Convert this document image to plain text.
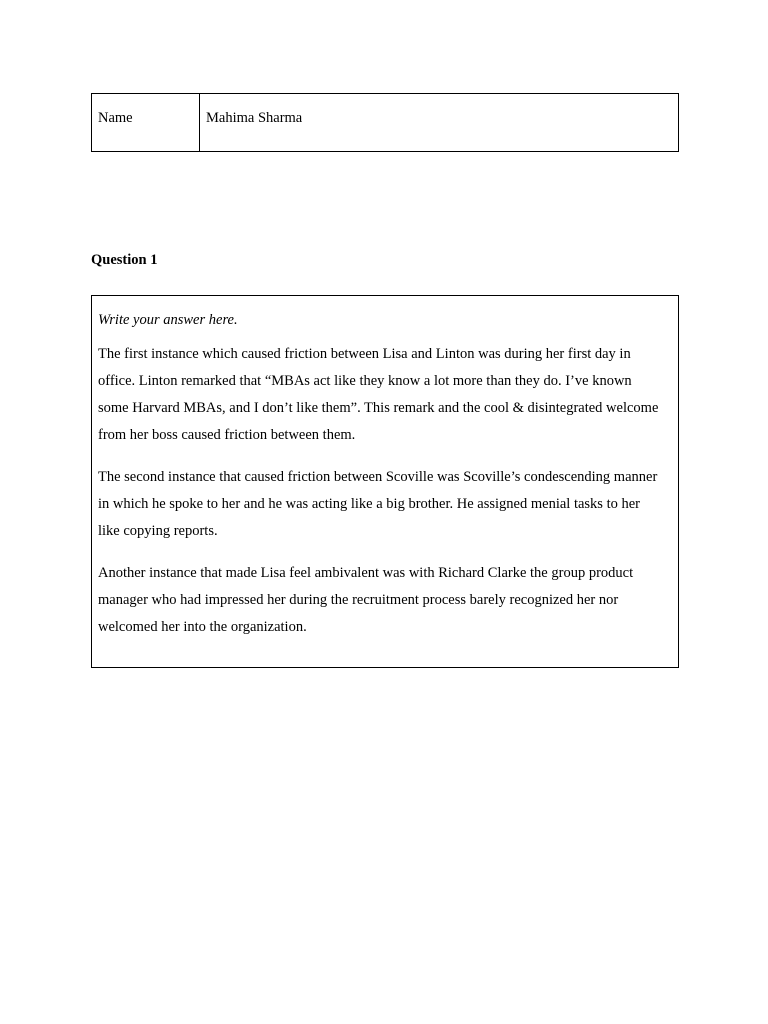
Name	Mahima Sharma
Question 1

Write your answer here.

The first instance which caused friction between Lisa and Linton was during her first day in office. Linton remarked that “MBAs act like they know a lot more than they do. I’ve known some Harvard MBAs, and I don’t like them”. This remark and the cool & disintegrated welcome from her boss caused friction between them.

The second instance that caused friction between Scoville was Scoville’s condescending manner in which he spoke to her and he was acting like a big brother. He assigned menial tasks to her like copying reports.

Another instance that made Lisa feel ambivalent was with Richard Clarke the group product manager who had impressed her during the recruitment process barely recognized her nor welcomed her into the organization.
